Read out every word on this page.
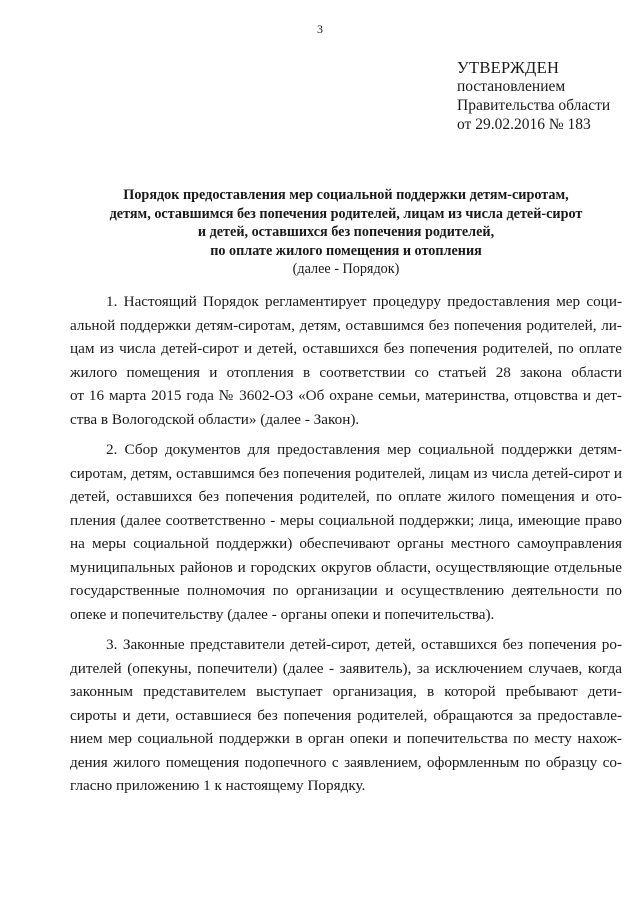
3
УТВЕРЖДЕН
постановлением
Правительства области
от 29.02.2016 № 183
Порядок предоставления мер социальной поддержки детям-сиротам,
детям, оставшимся без попечения родителей, лицам из числа детей-сирот
и детей, оставшихся без попечения родителей,
по оплате жилого помещения и отопления
(далее - Порядок)
1. Настоящий Порядок регламентирует процедуру предоставления мер соци-
альной поддержки детям-сиротам, детям, оставшимся без попечения родителей, ли-
цам из числа детей-сирот и детей, оставшихся без попечения родителей, по оплате
жилого помещения и отопления в соответствии со статьей 28 закона области
от 16 марта 2015 года № 3602-ОЗ «Об охране семьи, материнства, отцовства и дет-
ства в Вологодской области» (далее - Закон).
2. Сбор документов для предоставления мер социальной поддержки детям-
сиротам, детям, оставшимся без попечения родителей, лицам из числа детей-сирот и
детей, оставшихся без попечения родителей, по оплате жилого помещения и ото-
пления (далее соответственно - меры социальной поддержки; лица, имеющие право
на меры социальной поддержки) обеспечивают органы местного самоуправления
муниципальных районов и городских округов области, осуществляющие отдельные
государственные полномочия по организации и осуществлению деятельности по
опеке и попечительству (далее - органы опеки и попечительства).
3. Законные представители детей-сирот, детей, оставшихся без попечения ро-
дителей (опекуны, попечители) (далее - заявитель), за исключением случаев, когда
законным представителем выступает организация, в которой пребывают дети-
сироты и дети, оставшиеся без попечения родителей, обращаются за предоставле-
нием мер социальной поддержки в орган опеки и попечительства по месту нахож-
дения жилого помещения подопечного с заявлением, оформленным по образцу со-
гласно приложению 1 к настоящему Порядку.
